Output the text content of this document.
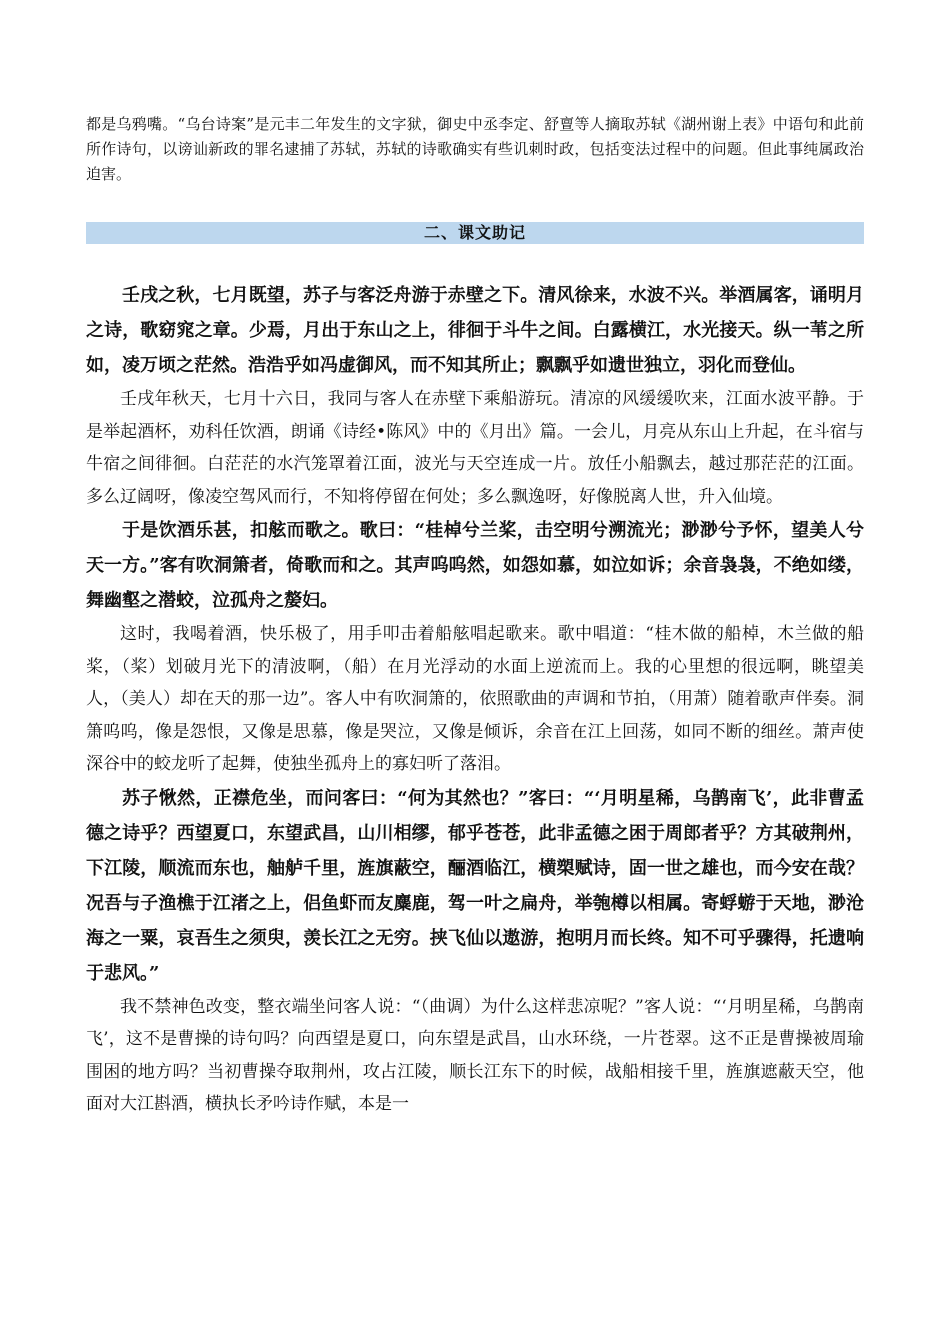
都是乌鸦嘴。“乌台诗案”是元丰二年发生的文字狱，御史中丞李定、舒亶等人摘取苏轼《湖州谢上表》中语句和此前所作诗句，以谤讪新政的罪名逮捕了苏轼，苏轼的诗歌确实有些讥刺时政，包括变法过程中的问题。但此事纯属政治迫害。

二、课文助记

壬戌之秋，七月既望，苏子与客泛舟游于赤壁之下。清风徐来，水波不兴。举酒属客，诵明月之诗，歌窈窕之章。少焉，月出于东山之上，徘徊于斗牛之间。白露横江，水光接天。纵一苇之所如，凌万顷之茫然。浩浩乎如冯虚御风，而不知其所止；飘飘乎如遗世独立，羽化而登仙。

壬戌年秋天，七月十六日，我同与客人在赤壁下乘船游玩。清凉的风缓缓吹来，江面水波平静。于是举起酒杯，劝科任饮酒，朗诵《诗经•陈风》中的《月出》篇。一会儿，月亮从东山上升起，在斗宿与牛宿之间徘徊。白茫茫的水汽笼罩着江面，波光与天空连成一片。放任小船飘去，越过那茫茫的江面。多么辽阔呀，像凌空驾风而行，不知将停留在何处；多么飘逸呀，好像脱离人世，升入仙境。

于是饮酒乐甚，扣舷而歌之。歌曰：“桂棹兮兰桨，击空明兮溯流光；渺渺兮予怀，望美人兮天一方。”客有吹洞箫者，倚歌而和之。其声呜呜然，如怨如慕，如泣如诉；余音袅袅，不绝如缕，舞幽壑之潜蛟，泣孤舟之嫠妇。

这时，我喝着酒，快乐极了，用手叩击着船舷唱起歌来。歌中唱道：“桂木做的船棹，木兰做的船桨，（桨）划破月光下的清波啊，（船）在月光浮动的水面上逆流而上。我的心里想的很远啊，眺望美人，（美人）却在天的那一边”。客人中有吹洞箫的，依照歌曲的声调和节拍，（用萧）随着歌声伴奏。洞箫呜呜，像是怨恨，又像是思慕，像是哭泣，又像是倾诉，余音在江上回荡，如同不断的细丝。萧声使深谷中的蛟龙听了起舞，使独坐孤舟上的寡妇听了落泪。

苏子愀然，正襟危坐，而问客曰：“何为其然也？”客曰：“‘月明星稀，乌鹊南飞’，此非曹孟德之诗乎？西望夏口，东望武昌，山川相缪，郁乎苍苍，此非孟德之困于周郎者乎？方其破荆州，下江陵，顺流而东也，舳舻千里，旌旗蔽空，酾酒临江，横槊赋诗，固一世之雄也，而今安在哉？况吾与子渔樵于江渚之上，侣鱼虾而友麋鹿，驾一叶之扁舟，举匏樽以相属。寄蜉蝣于天地，渺沧海之一粟，哀吾生之须臾，羡长江之无穷。挟飞仙以遨游，抱明月而长终。知不可乎骤得，托遗响于悲风。”

我不禁神色改变，整衣端坐问客人说：“（曲调）为什么这样悲凉呢？”客人说：“‘月明星稀，乌鹊南飞’，这不是曹操的诗句吗？向西望是夏口，向东望是武昌，山水环绕，一片苍翠。这不正是曹操被周瑜围困的地方吗？当初曹操夺取荆州，攻占江陵，顺长江东下的时候，战船相接千里，旌旗遮蔽天空，他面对大江斟酒，横执长矛吟诗作赋，本是一
